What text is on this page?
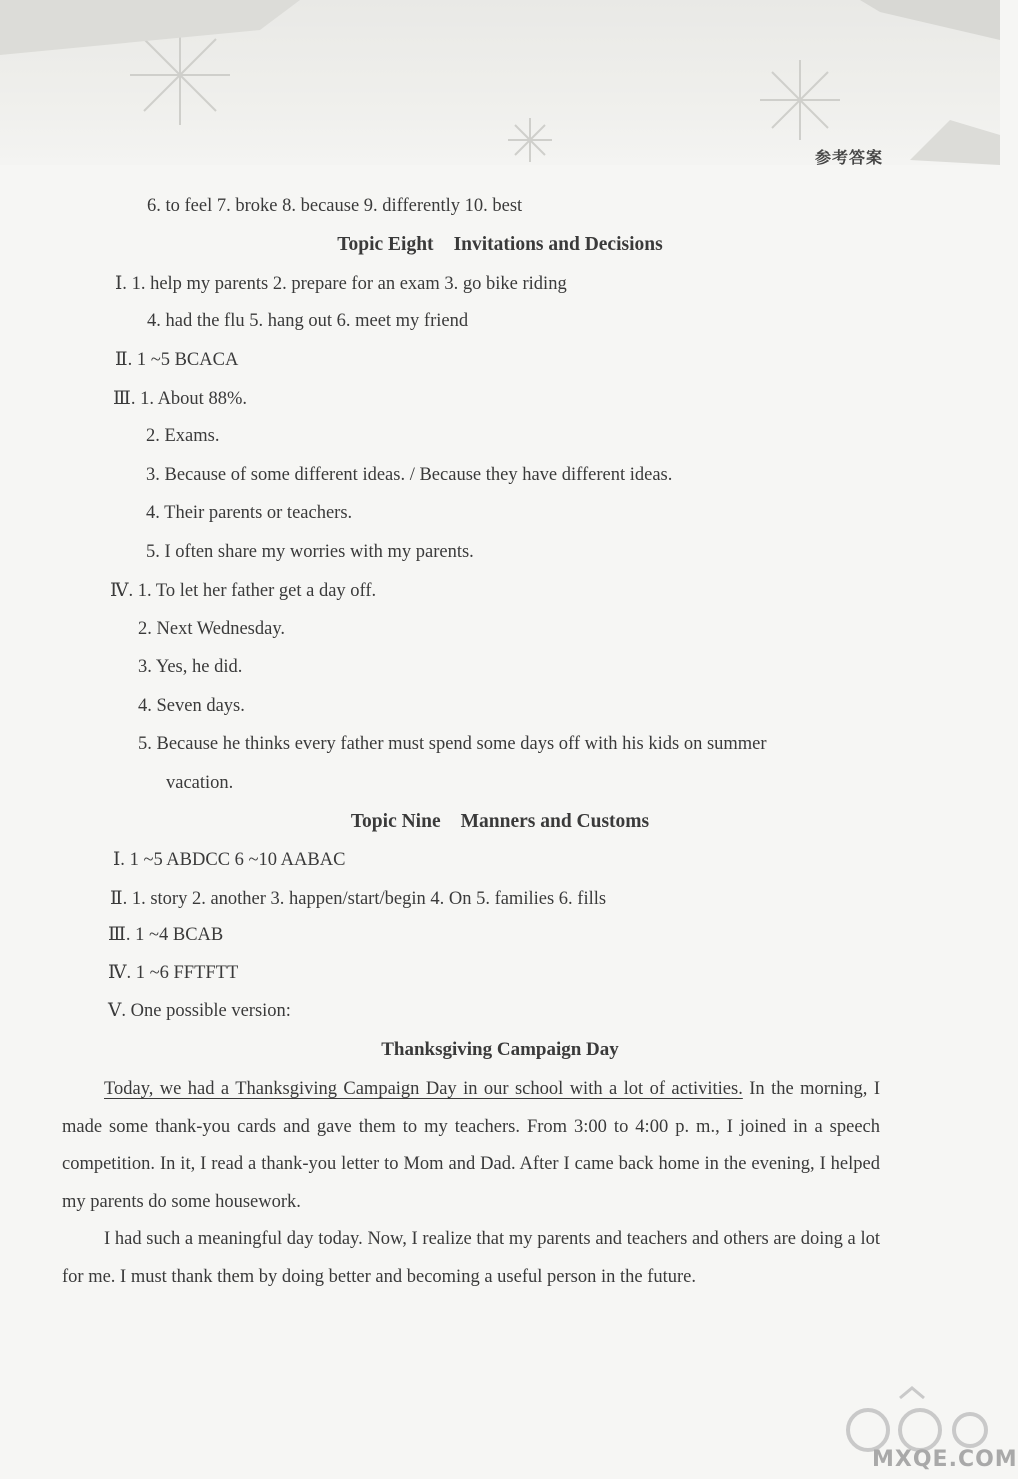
参考答案
6. to feel 7. broke 8. because 9. differently 10. best
Topic Eight Invitations and Decisions
Ⅰ. 1. help my parents 2. prepare for an exam 3. go bike riding
4. had the flu 5. hang out 6. meet my friend
Ⅱ. 1 ~5 BCACA
Ⅲ. 1. About 88%.
2. Exams.
3. Because of some different ideas. / Because they have different ideas.
4. Their parents or teachers.
5. I often share my worries with my parents.
Ⅳ. 1. To let her father get a day off.
2. Next Wednesday.
3. Yes, he did.
4. Seven days.
5. Because he thinks every father must spend some days off with his kids on summer
vacation.
Topic Nine Manners and Customs
Ⅰ. 1 ~5 ABDCC 6 ~10 AABAC
Ⅱ. 1. story 2. another 3. happen/start/begin 4. On 5. families 6. fills
Ⅲ. 1 ~4 BCAB
Ⅳ. 1 ~6 FFTFTT
Ⅴ. One possible version:
Thanksgiving Campaign Day
Today, we had a Thanksgiving Campaign Day in our school with a lot of activities. In the morning, I made some thank-you cards and gave them to my teachers. From 3:00 to 4:00 p. m., I joined in a speech competition. In it, I read a thank-you letter to Mom and Dad. After I came back home in the evening, I helped my parents do some housework.
I had such a meaningful day today. Now, I realize that my parents and teachers and others are doing a lot for me. I must thank them by doing better and becoming a useful person in the future.
MXQE.COM
